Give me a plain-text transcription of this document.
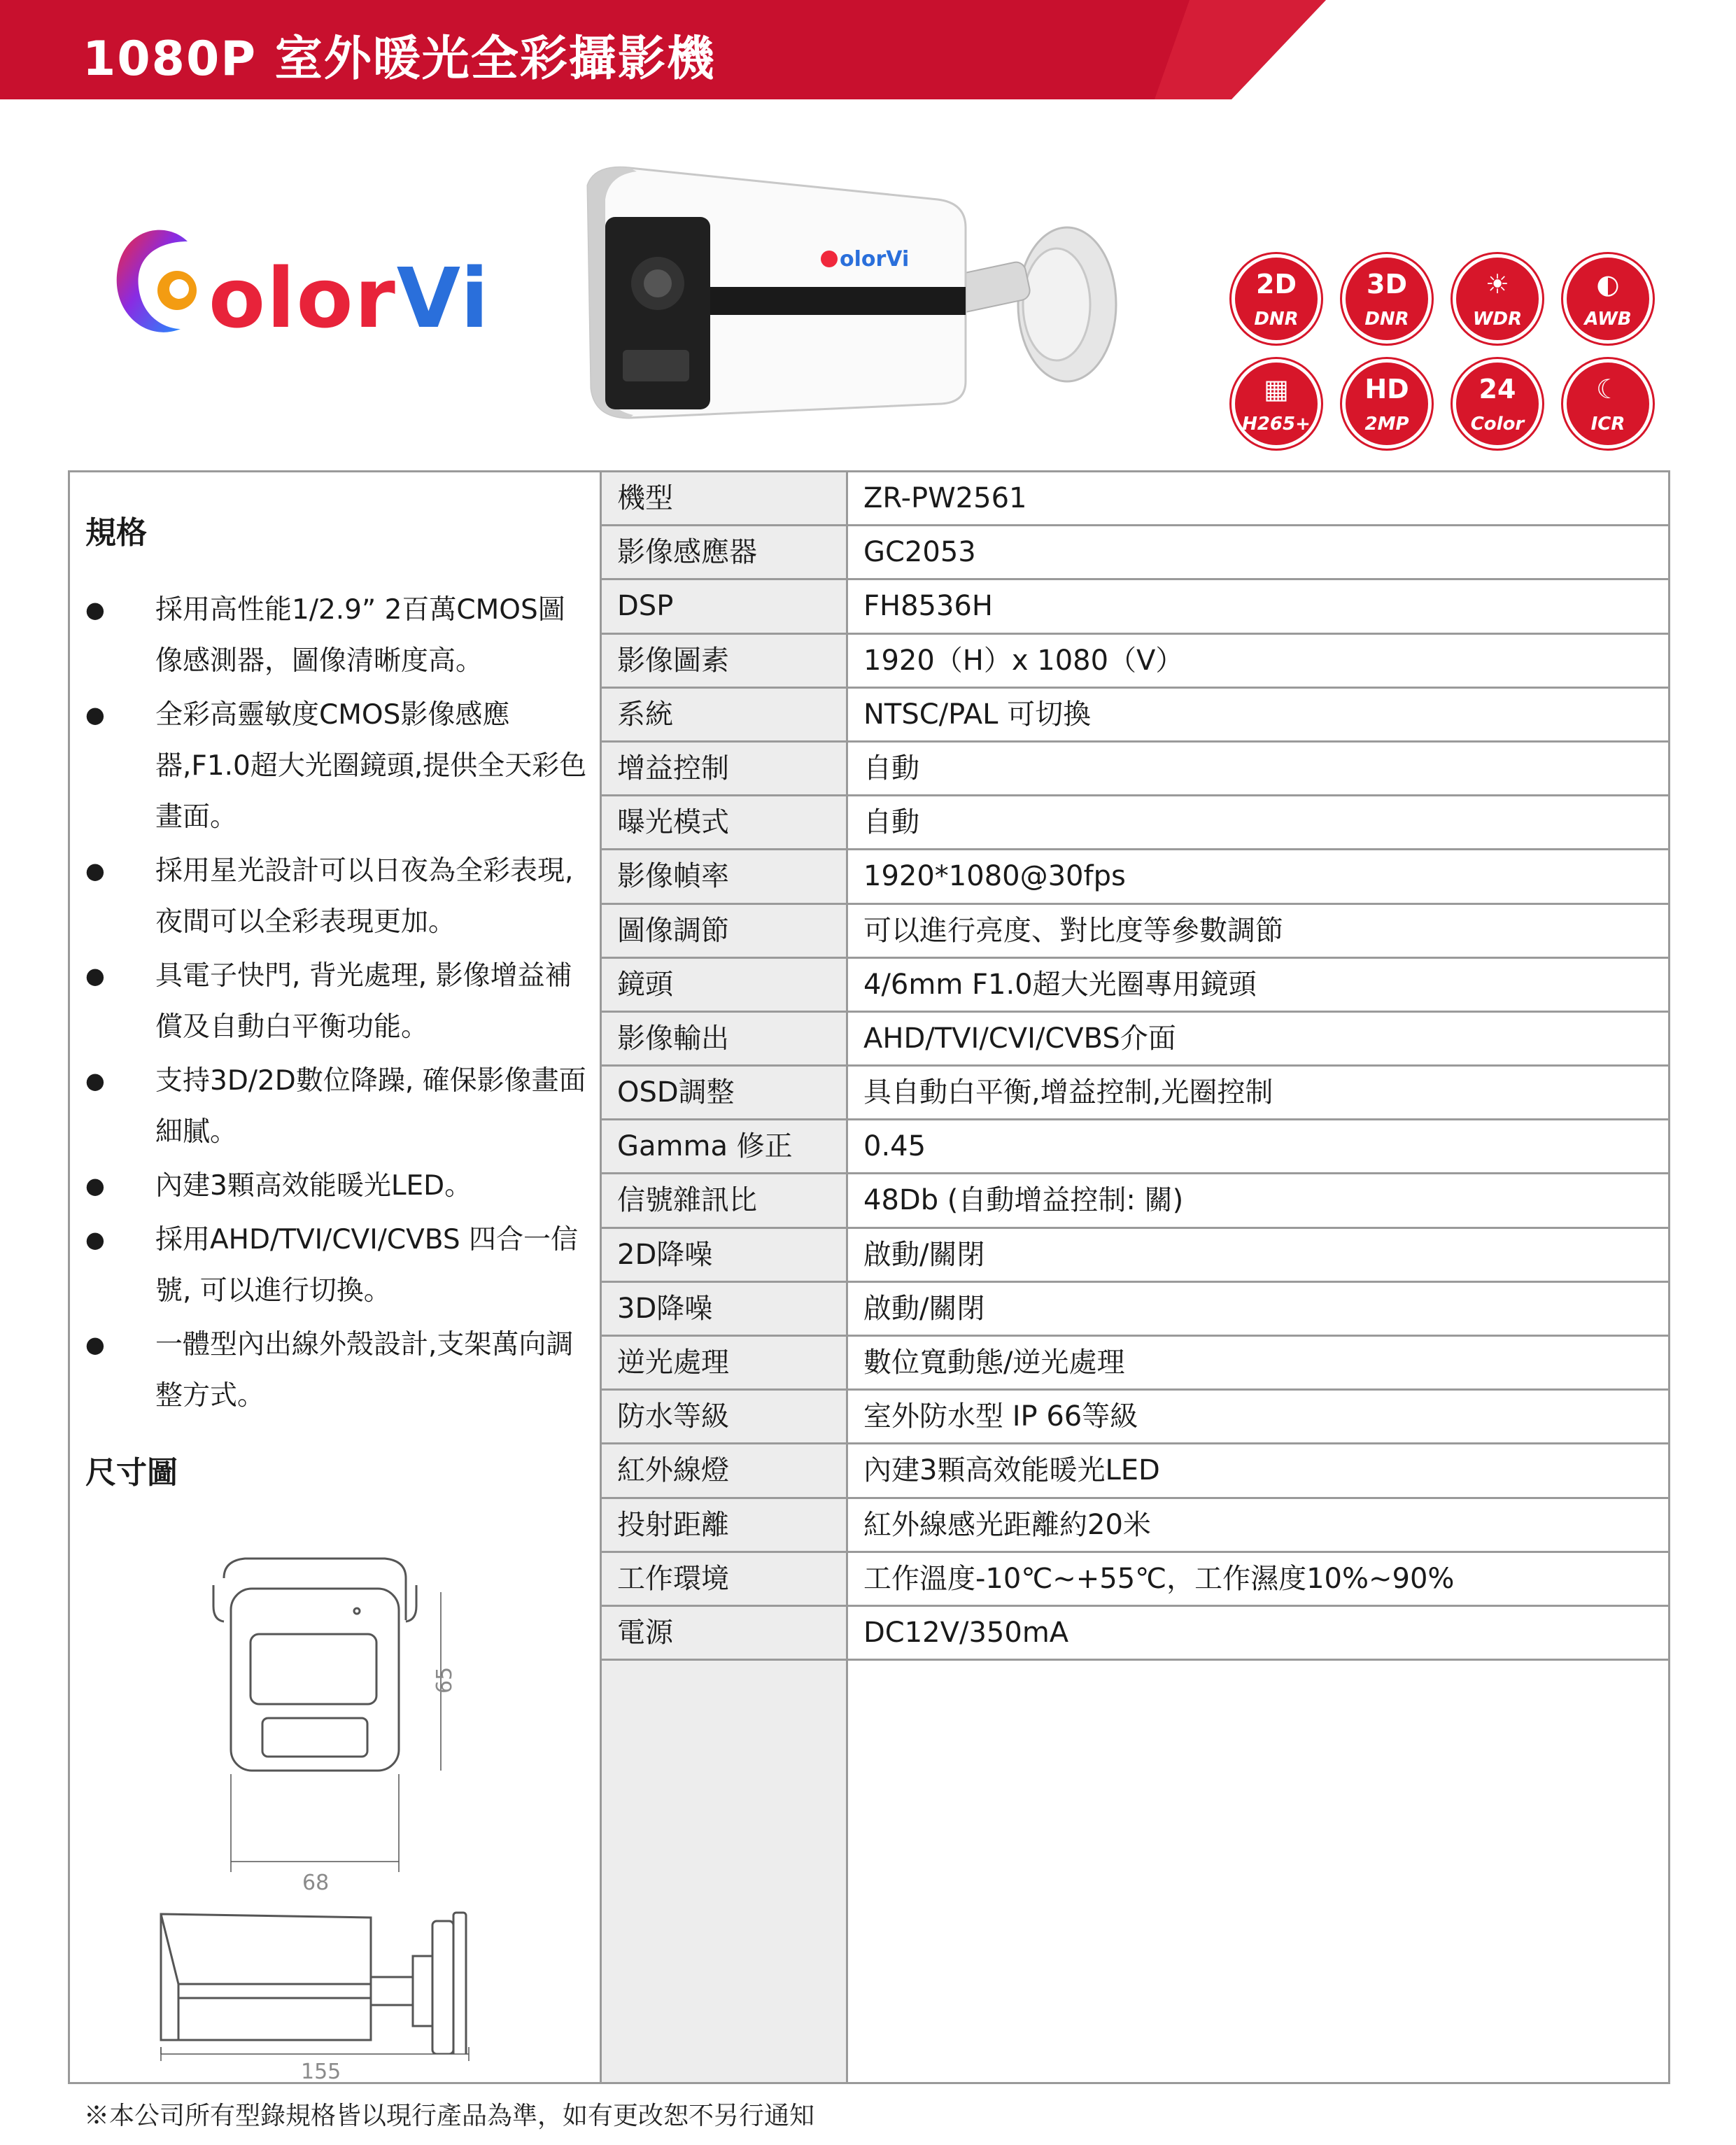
1080P 室外暖光全彩攝影機
olorVi	olorVi
2D
DNR
3D
DNR
☀
WDR
◐
AWB
▦
H265+
HD
2MP
24
Color
☾
ICR
規格
● 採用高性能1/2.9” 2百萬CMOS圖像感測器，圖像清晰度高。
● 全彩高靈敏度CMOS影像感應器,F1.0超大光圈鏡頭,提供全天彩色畫面。
● 採用星光設計可以日夜為全彩表現, 夜間可以全彩表現更加。
● 具電子快門, 背光處理, 影像增益補償及自動白平衡功能。
● 支持3D/2D數位降躁, 確保影像畫面細膩。
● 內建3顆高效能暖光LED。
● 採用AHD/TVI/CVI/CVBS 四合一信號, 可以進行切換。
● 一體型內出線外殼設計,支架萬向調整方式。
尺寸圖
65
68
155
機型	ZR-PW2561
影像感應器	GC2053
DSP	FH8536H
影像圖素	1920（H）x 1080（V）
系統	NTSC/PAL 可切換
增益控制	自動
曝光模式	自動
影像幀率	1920*1080@30fps
圖像調節	可以進行亮度、對比度等參數調節
鏡頭	4/6mm F1.0超大光圈專用鏡頭
影像輸出	AHD/TVI/CVI/CVBS介面
OSD調整	具自動白平衡,增益控制,光圈控制
Gamma 修正	0.45
信號雜訊比	48Db (自動增益控制: 關)
2D降噪	啟動/關閉
3D降噪	啟動/關閉
逆光處理	數位寬動態/逆光處理
防水等級	室外防水型 IP 66等級
紅外線燈	內建3顆高效能暖光LED
投射距離	紅外線感光距離約20米
工作環境	工作溫度-10℃~+55℃，工作濕度10%~90%
電源	DC12V/350mA
※本公司所有型錄規格皆以現行產品為準，如有更改恕不另行通知
